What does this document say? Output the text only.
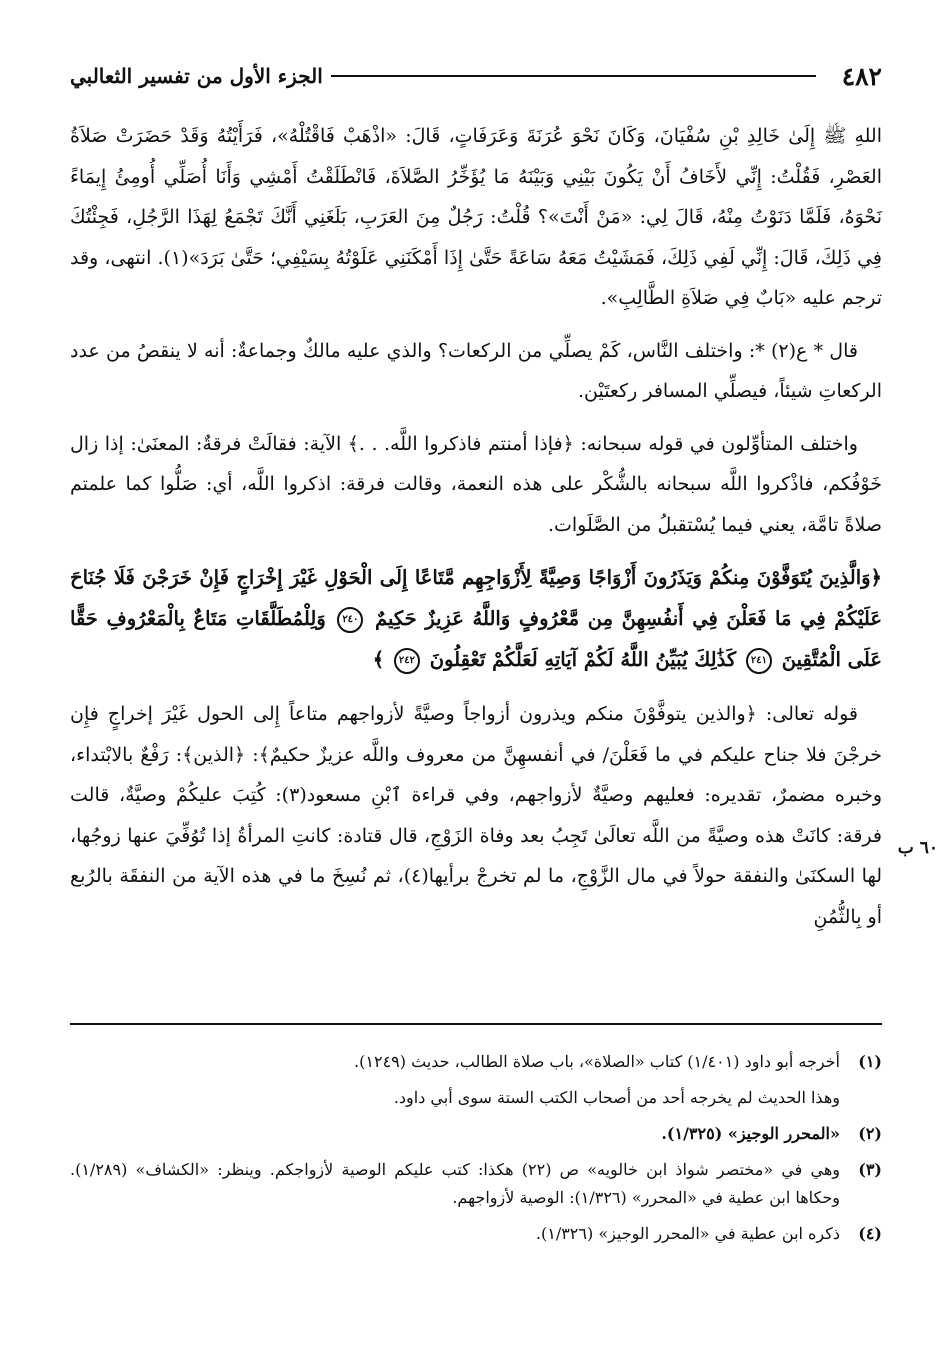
٤٨٢
الجزء الأول من تفسير الثعالبي

اللهِ ﷺ إِلَىٰ خَالِدِ بْنِ سُفْيَانَ، وَكَانَ نَحْوَ عُرَنَةَ وَعَرَفَاتٍ، قَالَ: «اذْهَبْ فَاقْتُلْهُ»، فَرَأَيْتُهُ وَقَدْ حَضَرَتْ صَلاَةُ العَصْرِ، فَقُلْتُ: إِنِّي لأَخَافُ أَنْ يَكُونَ بَيْنِي وَبَيْنَهُ مَا يُؤَخِّرُ الصَّلاَةَ، فَانْطَلَقْتُ أَمْشِي وَأَنَا أُصَلِّي أُومِئُ إِيمَاءً نَحْوَهُ، فَلَمَّا دَنَوْتُ مِنْهُ، قَالَ لِي: «مَنْ أَنْتَ»؟ قُلْتُ: رَجُلٌ مِنَ العَرَبِ، بَلَغَنِي أَنَّكَ تَجْمَعُ لِهَذَا الرَّجُلِ، فَجِئْتُكَ فِي ذَلِكَ، قَالَ: إِنِّي لَفِي ذَلِكَ، فَمَشَيْتُ مَعَهُ سَاعَةً حَتَّىٰ إِذَا أَمْكَنَنِي عَلَوْتُهُ بِسَيْفِي؛ حَتَّىٰ بَرَدَ»(١). انتهى، وقد ترجم عليه «بَابٌ فِي صَلاَةِ الطَّالِبِ».

قال * ع(٢) *: واختلف النَّاس، كَمْ يصلِّي من الركعات؟ والذي عليه مالكٌ وجماعةٌ: أنه لا ينقصُ من عدد الركعاتِ شيئاً، فيصلِّي المسافر ركعتَيْن.

واختلف المتأوِّلون في قوله سبحانه: ﴿فإذا أمنتم فاذكروا اللَّه. . .﴾ الآية: فقالَتْ فرقةٌ: المعنَىٰ: إذا زال خَوْفُكم، فاذْكروا اللَّه سبحانه بالشُّكْر على هذه النعمة، وقالت فرقة: اذكروا اللَّه، أي: صَلُّوا كما علمتم صلاةً تامَّة، يعني فيما يُسْتقبلُ من الصَّلَوات.

﴿وَالَّذِينَ يُتَوَفَّوْنَ مِنكُمْ وَيَذَرُونَ أَزْوَاجًا وَصِيَّةً لِأَزْوَاجِهِم مَّتَاعًا إِلَى الْحَوْلِ غَيْرَ إِخْرَاجٍ فَإِنْ خَرَجْنَ فَلَا جُنَاحَ عَلَيْكُمْ فِي مَا فَعَلْنَ فِي أَنفُسِهِنَّ مِن مَّعْرُوفٍ وَاللَّهُ عَزِيزٌ حَكِيمٌ ٢٤٠ وَلِلْمُطَلَّقَاتِ مَتَاعٌ بِالْمَعْرُوفِ حَقًّا عَلَى الْمُتَّقِينَ ٢٤١ كَذَٰلِكَ يُبَيِّنُ اللَّهُ لَكُمْ آيَاتِهِ لَعَلَّكُمْ تَعْقِلُونَ ٢٤٢ ﴾

قوله تعالى: ﴿والذين يتوفَّوْنَ منكم ويذرون أزواجاً وصيَّةً لأزواجهم متاعاً إِلى الحول غَيْرَ إخراجٍ فإِن خرجْنَ فلا جناح عليكم في ما فَعَلْنَ/ في أنفسهِنَّ من معروف واللَّه عزيزٌ حكيمٌ﴾: ﴿الذين﴾: رَفْعٌ بالابْتداء، وخبره مضمرٌ، تقديره: فعليهم وصيَّةٌ لأزواجهم، وفي قراءة ٱبْنِ مسعود(٣): كُتِبَ عليكُمْ وصيَّةٌ، قالت فرقة: كانَتْ هذه وصيَّةً من اللَّه تعالَىٰ تَجِبُ بعد وفاة الزَوْجِ، قال قتادة: كانتِ المرأةُ إذا تُوُفِّيَ عنها زوجُها، لها السكنَىٰ والنفقة حولاً في مال الزَّوْجِ، ما لم تخرجْ برأيها(٤)، ثم نُسِخَ ما في هذه الآية من النفقَة بالرُبع أو بِالثُّمُنِ

٦٠ ب
(١)
أخرجه أبو داود (١/٤٠١) كتاب «الصلاة»، باب صلاة الطالب، حديث (١٢٤٩).
وهذا الحديث لم يخرجه أحد من أصحاب الكتب الستة سوى أبي داود.
(٢)
«المحرر الوجيز» (١/٣٢٥).
(٣)
وهي في «مختصر شواذ ابن خالويه» ص (٢٢) هكذا: كتب عليكم الوصية لأزواجكم. وينظر: «الكشاف» (١/٢٨٩). وحكاها ابن عطية في «المحرر» (١/٣٢٦): الوصية لأزواجهم.
(٤)
ذكره ابن عطية في «المحرر الوجيز» (١/٣٢٦).
